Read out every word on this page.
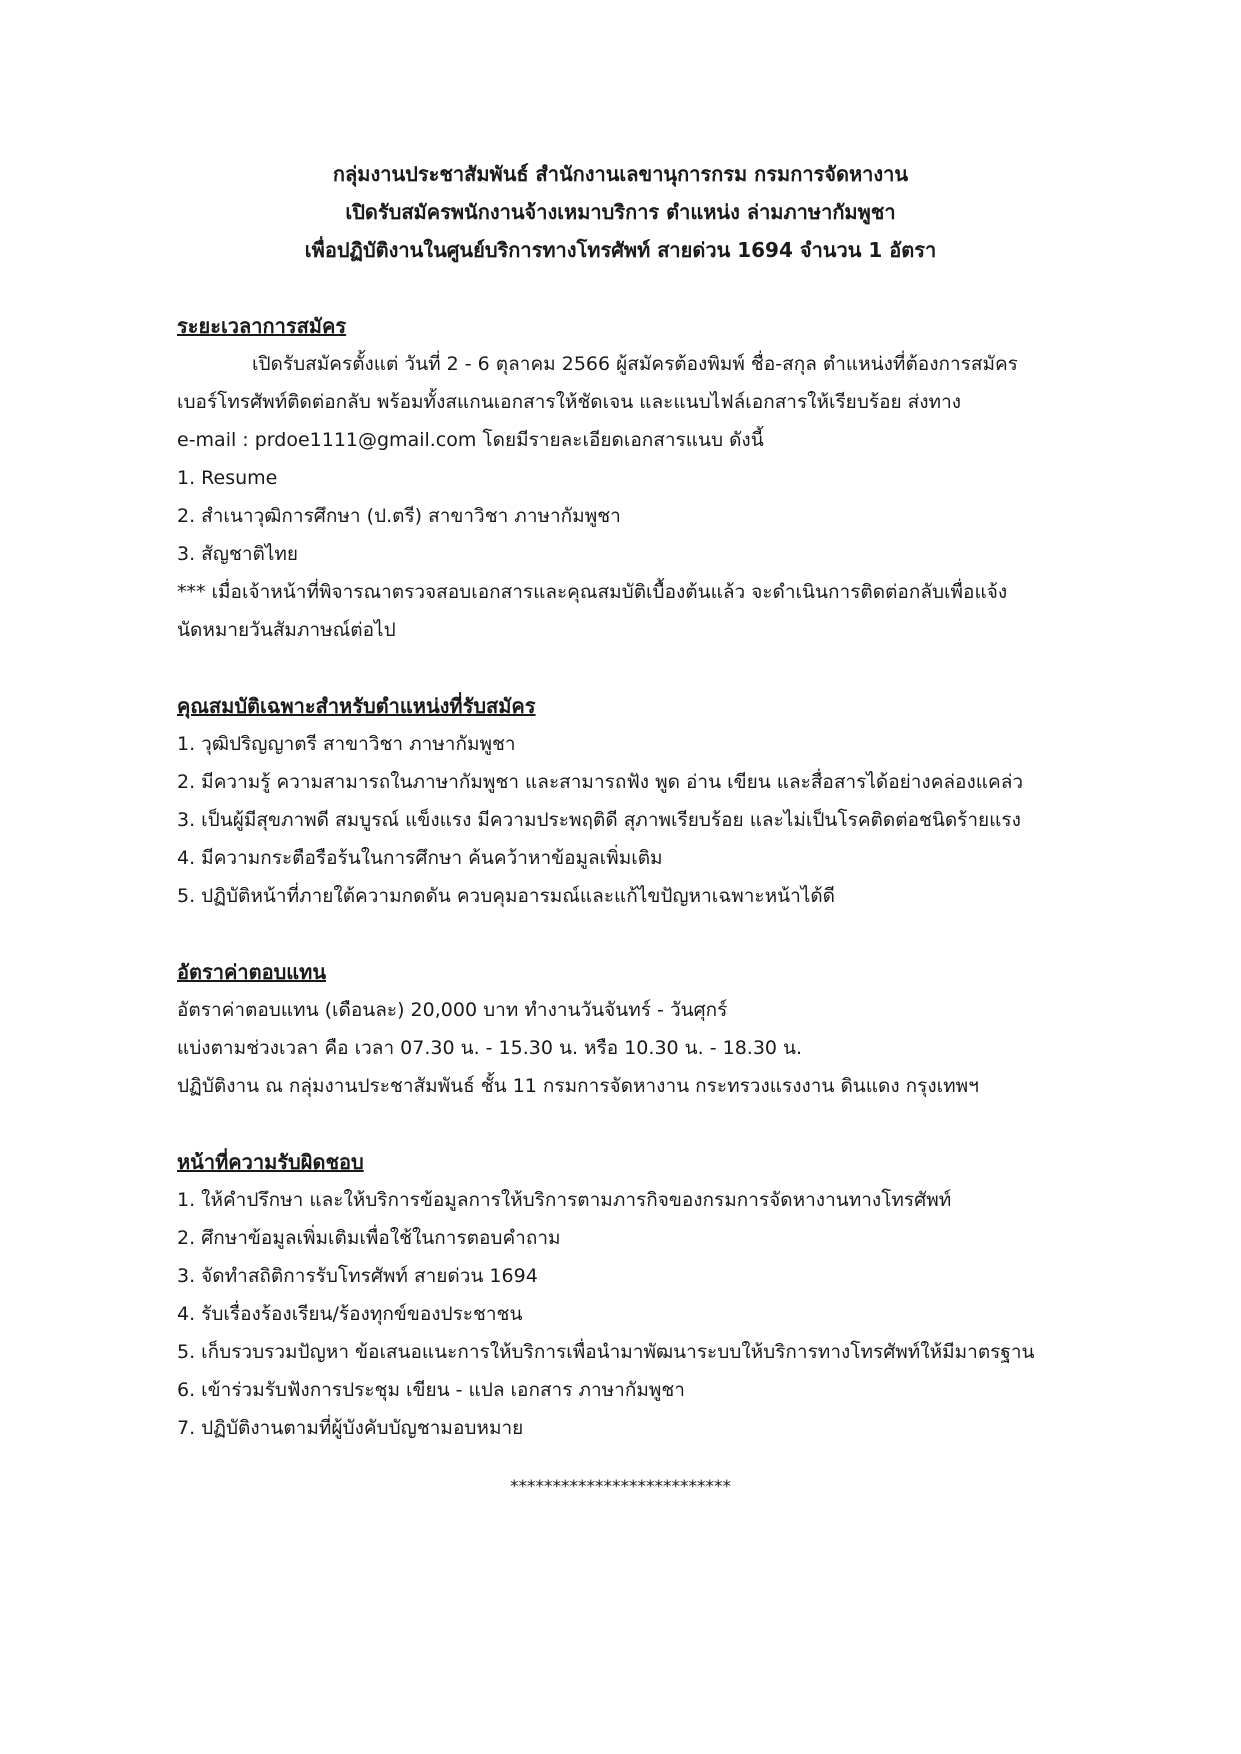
กลุ่มงานประชาสัมพันธ์ สำนักงานเลขานุการกรม กรมการจัดหางาน
เปิดรับสมัครพนักงานจ้างเหมาบริการ ตำแหน่ง ล่ามภาษากัมพูชา
เพื่อปฏิบัติงานในศูนย์บริการทางโทรศัพท์ สายด่วน 1694 จำนวน 1 อัตรา
ระยะเวลาการสมัคร
เปิดรับสมัครตั้งแต่ วันที่ 2 - 6 ตุลาคม 2566 ผู้สมัครต้องพิมพ์ ชื่อ-สกุล ตำแหน่งที่ต้องการสมัคร
เบอร์โทรศัพท์ติดต่อกลับ พร้อมทั้งสแกนเอกสารให้ชัดเจน และแนบไฟล์เอกสารให้เรียบร้อย ส่งทาง
e-mail : prdoe1111@gmail.com โดยมีรายละเอียดเอกสารแนบ ดังนี้
1. Resume
2. สำเนาวุฒิการศึกษา (ป.ตรี) สาขาวิชา ภาษากัมพูชา
3. สัญชาติไทย
*** เมื่อเจ้าหน้าที่พิจารณาตรวจสอบเอกสารและคุณสมบัติเบื้องต้นแล้ว จะดำเนินการติดต่อกลับเพื่อแจ้ง
นัดหมายวันสัมภาษณ์ต่อไป
คุณสมบัติเฉพาะสำหรับตำแหน่งที่รับสมัคร
1. วุฒิปริญญาตรี สาขาวิชา ภาษากัมพูชา
2. มีความรู้ ความสามารถในภาษากัมพูชา และสามารถฟัง พูด อ่าน เขียน และสื่อสารได้อย่างคล่องแคล่ว
3. เป็นผู้มีสุขภาพดี สมบูรณ์ แข็งแรง มีความประพฤติดี สุภาพเรียบร้อย และไม่เป็นโรคติดต่อชนิดร้ายแรง
4. มีความกระตือรือร้นในการศึกษา ค้นคว้าหาข้อมูลเพิ่มเติม
5. ปฏิบัติหน้าที่ภายใต้ความกดดัน ควบคุมอารมณ์และแก้ไขปัญหาเฉพาะหน้าได้ดี
อัตราค่าตอบแทน
อัตราค่าตอบแทน (เดือนละ) 20,000 บาท ทำงานวันจันทร์ - วันศุกร์
แบ่งตามช่วงเวลา คือ เวลา 07.30 น. - 15.30 น. หรือ 10.30 น. - 18.30 น.
ปฏิบัติงาน ณ กลุ่มงานประชาสัมพันธ์ ชั้น 11 กรมการจัดหางาน กระทรวงแรงงาน ดินแดง กรุงเทพฯ
หน้าที่ความรับผิดชอบ
1. ให้คำปรึกษา และให้บริการข้อมูลการให้บริการตามภารกิจของกรมการจัดหางานทางโทรศัพท์
2. ศึกษาข้อมูลเพิ่มเติมเพื่อใช้ในการตอบคำถาม
3. จัดทำสถิติการรับโทรศัพท์ สายด่วน 1694
4. รับเรื่องร้องเรียน/ร้องทุกข์ของประชาชน
5. เก็บรวบรวมปัญหา ข้อเสนอแนะการให้บริการเพื่อนำมาพัฒนาระบบให้บริการทางโทรศัพท์ให้มีมาตรฐาน
6. เข้าร่วมรับฟังการประชุม เขียน - แปล เอกสาร ภาษากัมพูชา
7. ปฏิบัติงานตามที่ผู้บังคับบัญชามอบหมาย
**************************
